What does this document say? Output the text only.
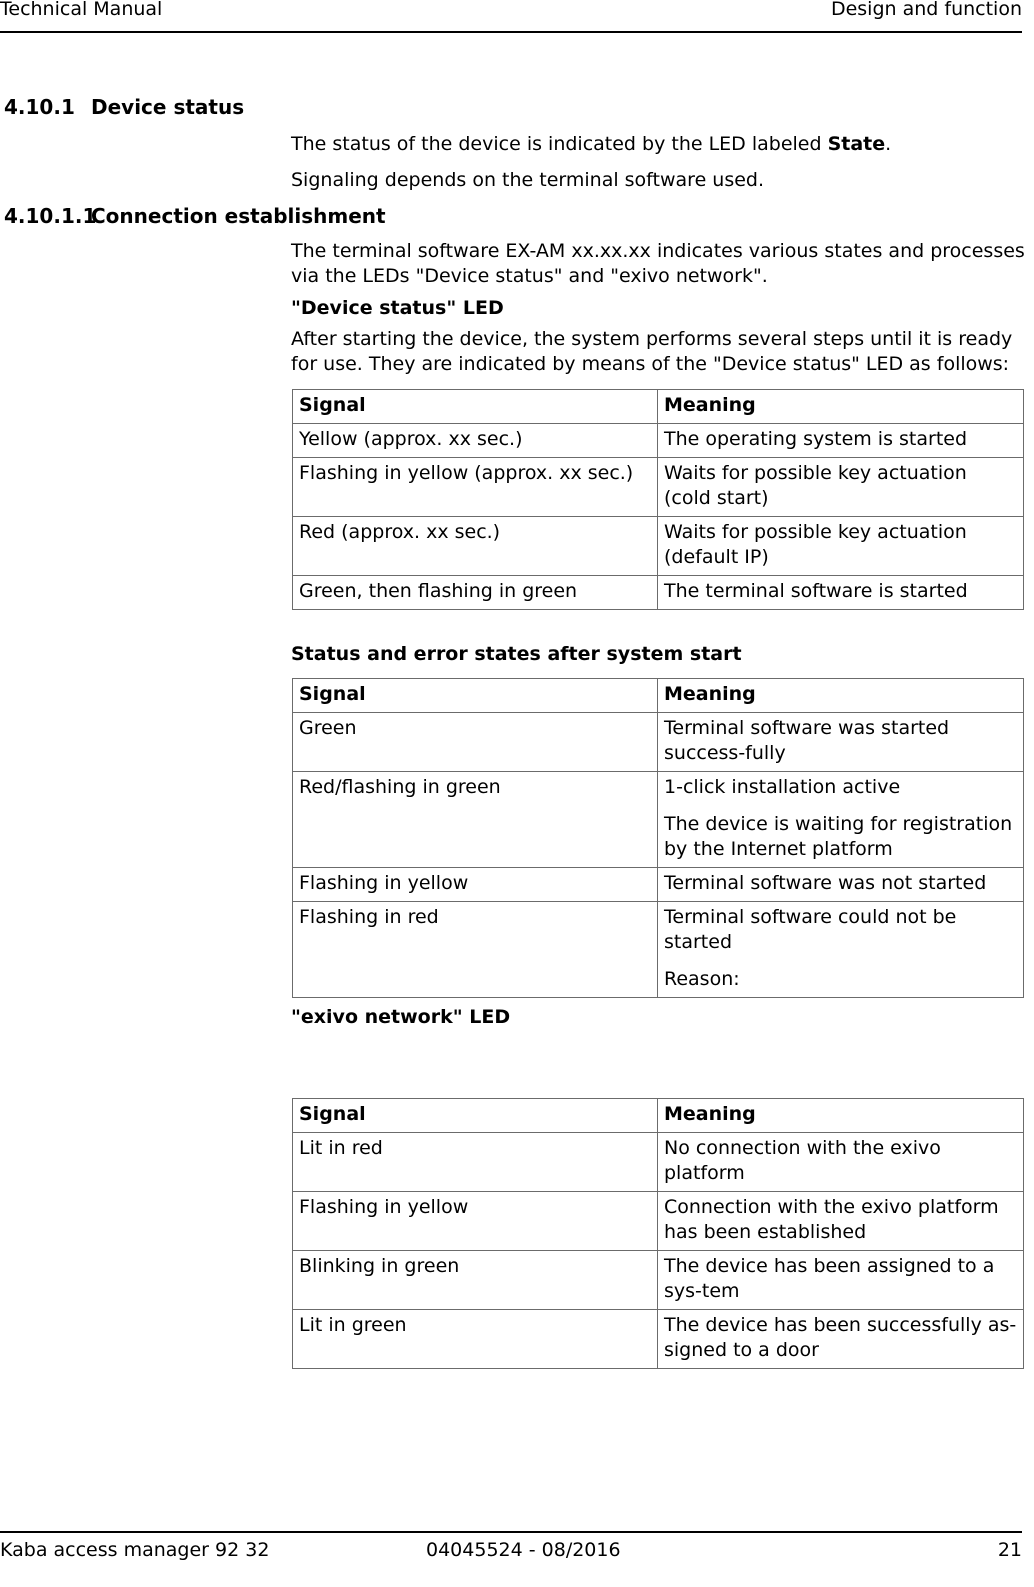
Technical Manual	Design and function
4.10.1 Device status
The status of the device is indicated by the LED labeled State.
Signaling depends on the terminal software used.
4.10.1.1
Connection establishment
The terminal software EX-AM xx.xx.xx indicates various states and processes via the LEDs "Device status" and "exivo network".
"Device status" LED
After starting the device, the system performs several steps until it is ready for use. They are indicated by means of the "Device status" LED as follows:
Signal	Meaning
Yellow (approx. xx sec.)	The operating system is started
Flashing in yellow (approx. xx sec.)	Waits for possible key actuation (cold start)
Red (approx. xx sec.)	Waits for possible key actuation (default IP)
Green, then flashing in green	The terminal software is started
Status and error states after system start
Signal	Meaning
Green	Terminal software was started success-fully
Red/flashing in green	1-click installation active

The device is waiting for registration by the Internet platform

Flashing in yellow	Terminal software was not started
Flashing in red	Terminal software could not be started

Reason:

"exivo network" LED
Signal	Meaning
Lit in red	No connection with the exivo platform
Flashing in yellow	Connection with the exivo platform has been established
Blinking in green	The device has been assigned to a sys-tem
Lit in green	The device has been successfully as-signed to a door
Kaba access manager 92 32	04045524 - 08/2016	21
